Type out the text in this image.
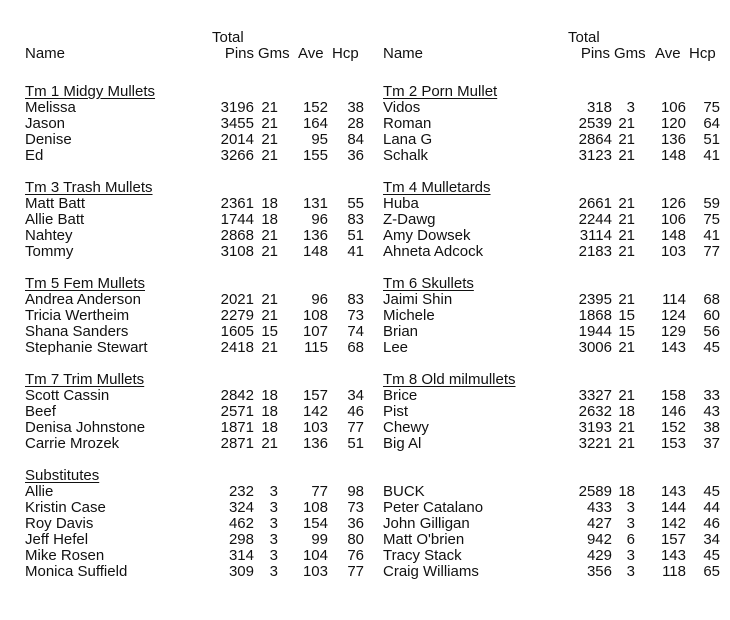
Total
Name	Pins Gms Ave Hcp
Tm 1 Midgy Mullets
Melissa	3196 21	152	38
Jason	3455 21	164	28
Denise	2014 21	95	84
Ed	3266 21	155	36
Tm 3 Trash Mullets
Matt Batt	2361 18	131	55
Allie Batt	1744 18	96	83
Nahtey	2868 21	136	51
Tommy	3108 21	148	41
Tm 5 Fem Mullets
Andrea Anderson	2021 21	96	83
Tricia Wertheim	2279 21	108	73
Shana Sanders	1605 15	107	74
Stephanie Stewart	2418 21	115	68
Tm 7 Trim Mullets
Scott Cassin	2842 18	157	34
Beef	2571 18	142	46
Denisa Johnstone	1871 18	103	77
Carrie Mrozek	2871 21	136	51
Substitutes
Allie	232	3	77	98
Kristin Case	324	3	108	73
Roy Davis	462	3	154	36
Jeff Hefel	298	3	99	80
Mike Rosen	314	3	104	76
Monica Suffield	309	3	103	77
Total
Name	Pins Gms Ave Hcp
Tm 2 Porn Mullet
Vidos	318 3	106	75
Roman	2539 21	120	64
Lana G	2864 21	136	51
Schalk	3123 21	148	41
Tm 4 Mulletards
Huba	2661 21	126	59
Z-Dawg	2244 21	106	75
Amy Dowsek	3114 21	148	41
Ahneta Adcock	2183 21	103	77
Tm 6 Skullets
Jaimi Shin	2395 21	114	68
Michele	1868 15	124	60
Brian	1944 15	129	56
Lee	3006 21	143	45
Tm 8 Old milmullets
Brice	3327 21	158	33
Pist	2632 18	146	43
Chewy	3193 21	152	38
Big Al	3221 21	153	37
BUCK	2589 18	143	45
Peter Catalano	433 3	144	44
John Gilligan	427 3	142	46
Matt O'brien	942 6	157	34
Tracy Stack	429 3	143	45
Craig Williams	356 3	118	65
